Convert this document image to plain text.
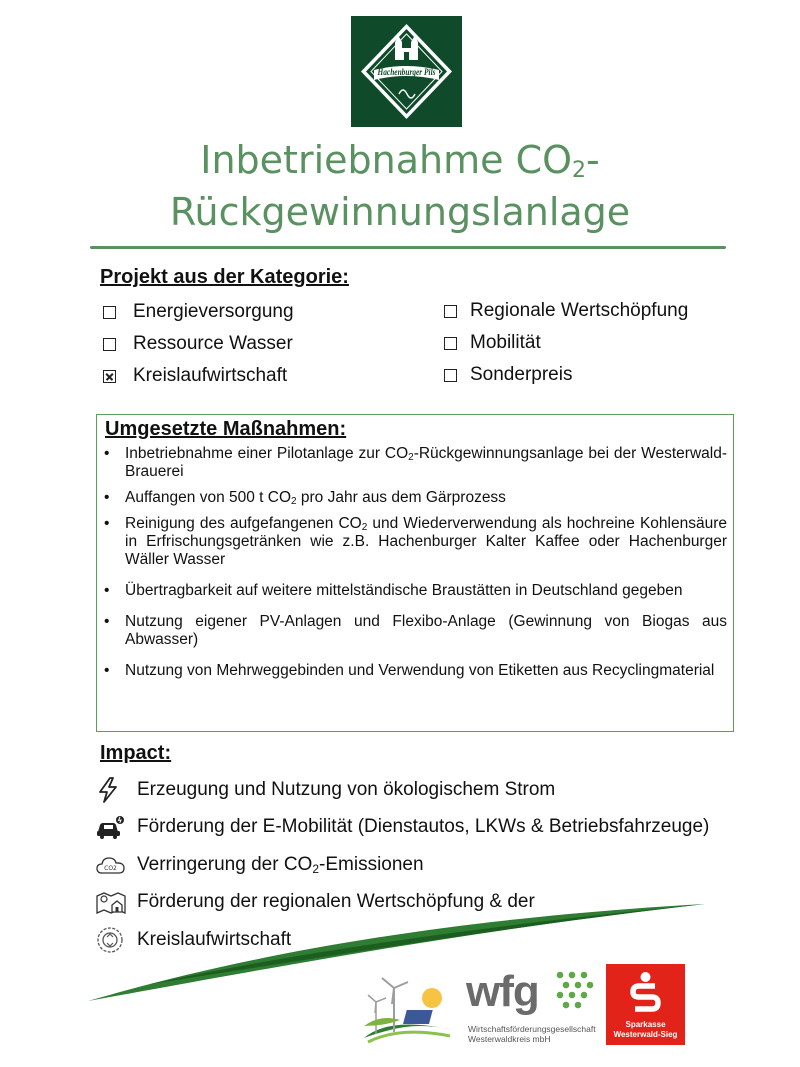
Hachenburger Pils
Inbetriebnahme $CO_2-$
Rückgewinnungslanlage
Projekt aus der Kategorie:
Energieversorgung
Ressource Wasser
Kreislaufwirtschaft
Regionale Wertschöpfung
Mobilität
Sonderpreis
Umgesetzte Maßnahmen:
• Inbetriebnahme einer Pilotanlage zur $CO_2$-Rückgewinnungsanlage bei der Westerwald-Brauerei
• Auffangen von 500 t $CO_2$ pro Jahr aus dem Gärprozess
• Reinigung des aufgefangenen $CO_2$ und Wiederverwendung als hochreine Kohlensäure in Erfrischungsgetränken wie z.B. Hachenburger Kalter Kaffee oder Hachenburger Wäller Wasser
• Übertragbarkeit auf weitere mittelständische Braustätten in Deutschland gegeben
• Nutzung eigener PV-Anlagen und Flexibo-Anlage (Gewinnung von Biogas aus Abwasser)
• Nutzung von Mehrweggebinden und Verwendung von Etiketten aus Recyclingmaterial
Impact:
Erzeugung und Nutzung von ökologischem Strom
Förderung der E-Mobilität (Dienstautos, LKWs & Betriebsfahrzeuge)
CO2 Verringerung der $CO_2$-Emissionen
Förderung der regionalen Wertschöpfung & der
Kreislaufwirtschaft
wfg
Wirtschaftsförderungsgesellschaft
Westerwaldkreis mbH
Sparkasse
Westerwald-Sieg
